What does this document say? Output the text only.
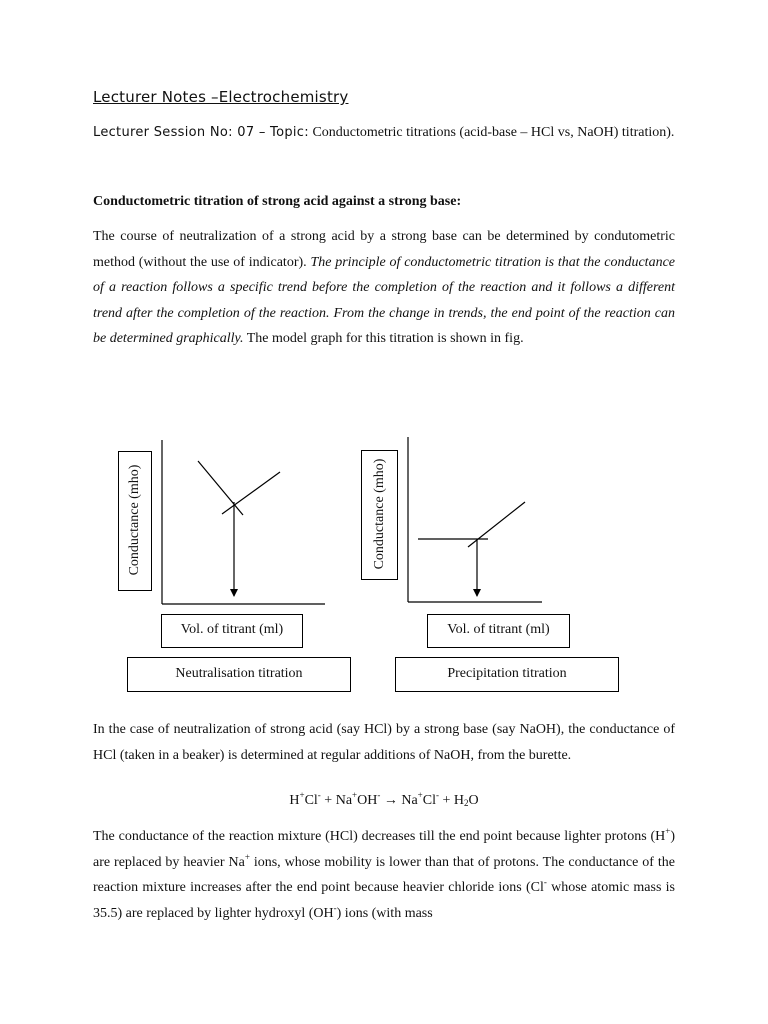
Lecturer Notes –Electrochemistry
Lecturer Session No: 07 – Topic: Conductometric titrations (acid-base – HCl vs, NaOH) titration).
Conductometric titration of strong acid against a strong base:
The course of neutralization of a strong acid by a strong base can be determined by condutometric method (without the use of indicator). The principle of conductometric titration is that the conductance of a reaction follows a specific trend before the completion of the reaction and it follows a different trend after the completion of the reaction. From the change in trends, the end point of the reaction can be determined graphically. The model graph for this titration is shown in fig.
Conductance (mho)	Conductance (mho)
Vol. of titrant (ml)	Vol. of titrant (ml)
Neutralisation titration	Precipitation titration
In the case of neutralization of strong acid (say HCl) by a strong base (say NaOH), the conductance of HCl (taken in a beaker) is determined at regular additions of NaOH, from the burette.
$H^+Cl^- + Na^+OH^- \to Na^+Cl^- + H_2O$
The conductance of the reaction mixture (HCl) decreases till the end point because lighter protons (H+) are replaced by heavier Na+ ions, whose mobility is lower than that of protons. The conductance of the reaction mixture increases after the end point because heavier chloride ions (Cl- whose atomic mass is 35.5) are replaced by lighter hydroxyl (OH-) ions (with mass
